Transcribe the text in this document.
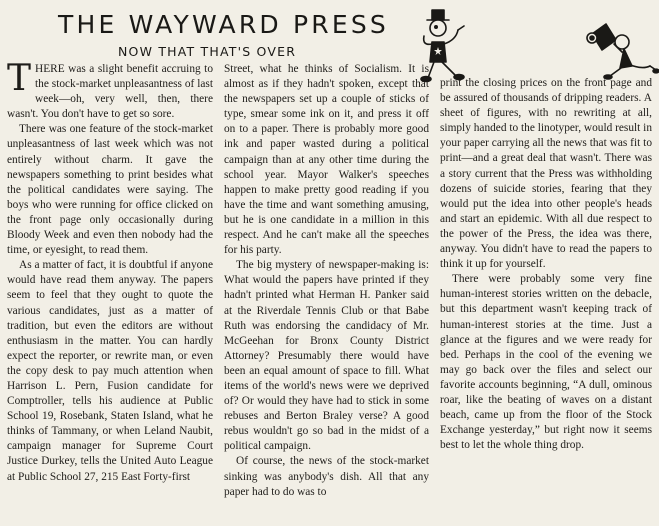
THE WAYWARD PRESS
NOW THAT THAT'S OVER

THERE was a slight benefit accruing to the stock-market unpleasantness of last week—oh, very well, then, there wasn't. You don't have to get so sore.

There was one feature of the stock-market unpleasantness of last week which was not entirely without charm. It gave the newspapers something to print besides what the political candidates were saying. The boys who were running for office clicked on the front page only occasionally during Bloody Week and even then nobody had the time, or eyesight, to read them.

As a matter of fact, it is doubtful if anyone would have read them anyway. The papers seem to feel that they ought to quote the various candidates, just as a matter of tradition, but even the editors are without enthusiasm in the matter. You can hardly expect the reporter, or rewrite man, or even the copy desk to pay much attention when Harrison L. Pern, Fusion candidate for Comptroller, tells his audience at Public School 19, Rosebank, Staten Island, what he thinks of Tammany, or when Leland Naubit, campaign manager for Supreme Court Justice Durkey, tells the United Auto League at Public School 27, 215 East Forty-first

Street, what he thinks of Socialism. It is almost as if they hadn't spoken, except that the newspapers set up a couple of sticks of type, smear some ink on it, and press it off on to a paper. There is probably more good ink and paper wasted during a political campaign than at any other time during the school year. Mayor Walker's speeches happen to make pretty good reading if you have the time and want something amusing, but he is one candidate in a million in this respect. And he can't make all the speeches for his party.

The big mystery of newspaper-making is: What would the papers have printed if they hadn't printed what Herman H. Panker said at the Riverdale Tennis Club or that Babe Ruth was endorsing the candidacy of Mr. McGeehan for Bronx County District Attorney? Presumably there would have been an equal amount of space to fill. What items of the world's news were we deprived of? Or would they have had to stick in some rebuses and Berton Braley verse? A good rebus wouldn't go so bad in the midst of a political campaign.

Of course, the news of the stock-market sinking was anybody's dish. All that any paper had to do was to

print the closing prices on the front page and be assured of thousands of dripping readers. A sheet of figures, with no rewriting at all, simply handed to the linotyper, would result in your paper carrying all the news that was fit to print—and a great deal that wasn't. There was a story current that the Press was withholding dozens of suicide stories, fearing that they would put the idea into other people's heads and start an epidemic. With all due respect to the power of the Press, the idea was there, anyway. You didn't have to read the papers to think it up for yourself.

There were probably some very fine human-interest stories written on the debacle, but this department wasn't keeping track of human-interest stories at the time. Just a glance at the figures and we were ready for bed. Perhaps in the cool of the evening we may go back over the files and select our favorite accounts beginning, “A dull, ominous roar, like the beating of waves on a distant beach, came up from the floor of the Stock Exchange yesterday,” but right now it seems best to let the whole thing drop.
